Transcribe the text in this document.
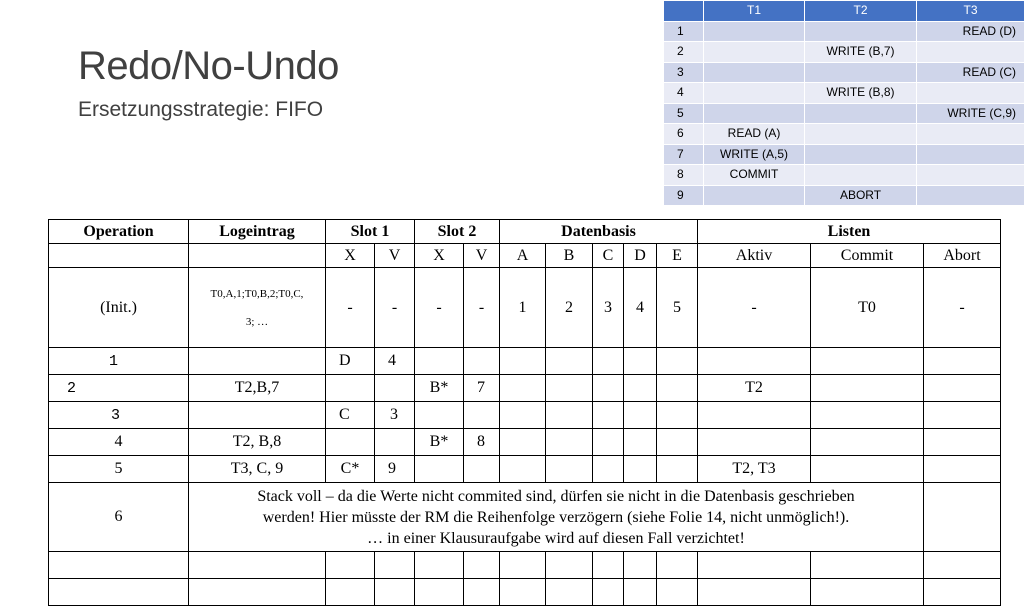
Redo/No-Undo
Ersetzungsstrategie: FIFO
	T1	T2	T3
1			READ (D)
2		WRITE (B,7)	
3			READ (C)
4		WRITE (B,8)	
5			WRITE (C,9)
6	READ (A)		
7	WRITE (A,5)		
8	COMMIT		
9		ABORT	
Operation	Logeintrag	Slot 1		Slot 2		Datenbasis					Listen		
		X	V	X	V	A	B	C	D	E	Aktiv	Commit	Abort
(Init.)	T0,A,1;T0,B,2;T0,C,
3; …	-	-	-	-	1	2	3	4	5	-	T0	-
1		D	4										
2	T2,B,7			B*	7						T2		
3		C	3										
4	T2, B,8			B*	8								
5	T3, C, 9	C*	9								T2, T3		
6	Stack voll – da die Werte nicht commited sind, dürfen sie nicht in die Datenbasis geschrieben
werden! Hier müsste der RM die Reihenfolge verzögern (siehe Folie 14, nicht unmöglich!).
… in einer Klausuraufgabe wird auf diesen Fall verzichtet!												
